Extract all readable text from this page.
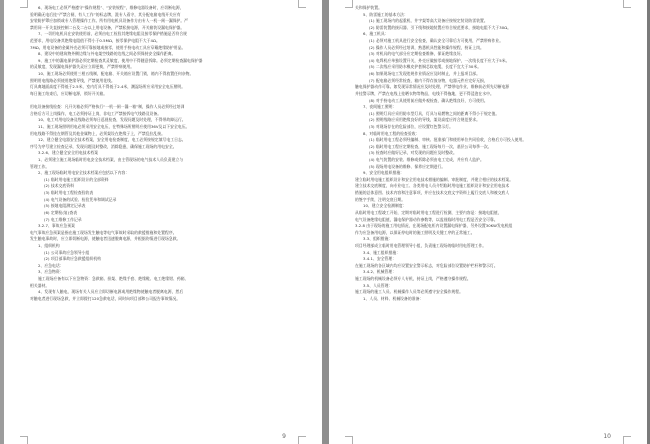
6、现场电工必须严格遵守“操作规程”、“安装规程”，维修电器设备时，应切断电源，
验明确无电后挂“严禁合闸，有人工作”的标志牌，派专人看守，其分配电箱电线开关应有
安装防护罩应加锁或专人管理操作工作。所有用电机具设备作方由专人一机一闸一漏保护。严
禁用同一开关直接控制二台及二台以上用电设备，严禁私接电源，开关箱装设漏电保护器。
7、一切用电机具在安装使用前，必须由电工检验其绝缘电阻及接零保护措施是否符合规
范要求，用电设备其绝缘电阻值不得小于0.5MΩ，接零保护电阻不大于4Ω。
7MΩ。用电设备的金属外壳必须可靠接地或接零，使用手持电动工具应穿戴绝缘防护用品。
8、建设中的建筑物外侧边缘与外电架空线路的边线之间必须保持安全操作距离。
9、施工中的漏电保护器必须定期检查其灵敏度，使用中不得随意拆除。必须定期检查漏电保护器
的灵敏度，发现漏电保护器失灵应立即更换，严禁带病使用。
10、施工现场必须使用三相五线制，配电箱、开关箱应设置门锁，箱内不得放置任何杂物。
照明用电线路必须使用绝缘导线，严禁使用花线。
灯具离地面高度不得低于2.5米，室内灯具不得低于2.4米，潮湿场所应采用安全电压照明。
每日施工结束后，应切断电源，锁好开关箱。
用电设备接线检查：凡开关箱必须严格执行“一机一闸一漏一箱”制，操作人员必须经过培训
合格后方可上岗操作，电工必须持证上岗，非电工严禁接拆电气线路及设备。
10、电工对用电设备及线路必须每日巡视检查，发现问题及时处理，不得带故障运行。
11、施工现场照明用电必须采用安全电压，在特殊场所照明应使用36V及以下安全电压。
用电线路不得挂在钢管及其他金属物上，必须架设在绝缘子上，严禁乱拉乱接。
12、建立健全电器安全技术档案，安全用电检查制度，电工必须按规定填写电工日志。
序号为序号建立检查记录，发现问题及时整改，消除隐患，确保施工现场的用电安全。
3.2.6、建立健全安全用电技术档案
1、必须建立施工现场临时用电安全技术档案，由主管现场的电气技术人员负责建立与
管理工作。
2、施工现场临时用电安全技术档案应包括以下内容：
(1) 临时用电施工组织设计的全部资料
(2) 技术交底资料
(3) 临时用电工程检查验收表
(4) 电气设备的试验、检验凭单和调试记录
(5) 接地电阻测定记录表
(6) 定期检(复)查表
(7) 电工维修工作记录
3.2.7、事故应急预案
电气事故应急预案是指在施工现场发生触电等电气事故时采取的救援措施和处置程序。
发生触电事故时，应立即切断电源，使触电者迅速脱离电源，并根据伤情进行现场急救。
1、组织机构
(1) 公司事故应急领导小组
(2) 项目部事故应急救援组织机构
2、应急电话：
3、应急物资：
施工现场应备有以下应急物资：急救箱、担架、绝缘手套、绝缘鞋、电工绝缘钳、药箱、
相关器材。
4、发现有人触电，现场有关人员应立即切断电源或用绝缘物使触电者脱离电源，然后
对触电者进行现场急救，并立即拨打120急救电话，同时向项目部和公司报告事故情况。
9
关和保护装置。
5、防雷施工的基本方法：
(1) 施工现场内的起重机、井字架等高大设备应按规定装设防雷装置。
(2) 防雷装置的接闪器、引下线和接地装置应符合规范要求，接地电阻不大于30Ω。
6、施工机具：
(1) 必须对施工机具进行安全检查，确认安全可靠后方可使用，严禁带病作业。
(2) 操作人员必须经过培训，熟悉机具性能和操作规程，持证上岗。
(3) 对机具的电气部分应定期检查维修，保证绝缘良好。
(4) 电焊机应单独设置开关，外壳应做接零或接地保护，一次线长度不应大于5米。
(5) 二次线应采用防水橡皮护套铜芯软电缆，长度不宜大于30米。
(6) 如果现场电工发现违规作业情况应及时制止，并上报项目部。
(7) 配电箱必须经常检查，箱内不得存放杂物，电器元件应完好无损，
触电保护器动作可靠。如发现异常情况应及时处理，严禁带电作业，维修前必须先切断电源
并挂警示牌，严禁在电线上挂晒衣物等物品，电线不得拖地，更不得浸泡在水中。
(8) 对手持电动工具使用前应做外观检查，确认绝缘良好，方可使用。
7、夜间施工照明：
(1) 照明灯具应采用防水型灯具，灯具与易燃物之间的距离不得小于规定值。
(2) 照明线路应采用绝缘良好的导线，架设高度应符合规范要求。
(3) 对现场存在的危险部位，应设置红色警示灯。
8、对临时用电工程的检查验收：
(1) 临时用电工程必须经编制、审核、批准部门和使用单位共同验收，合格后方可投入使用。
(2) 临时用电工程应定期检查，施工现场每月一次，基层公司每季一次。
(3) 检查时应做好记录，对发现的问题应及时整改。
(4) 电气装置的安装、维修或拆除必须由电工完成，并应有人监护。
(5) 现场用电设备的维修、保养应定期进行。
9、安全用电组织措施：
建立临时用电施工组织设计和安全用电技术措施的编制、审批制度，并建立相应的技术档案。
建立技术交底制度，向专业电工、各类用电人员介绍临时用电施工组织设计和安全用电技术
措施的总体意图、技术内容和注意事项，并应在技术交底文字资料上履行交底人和被交底人
的签字手续，注明交底日期。
10、建立安全检测制度：
从临时用电工程竣工开始，定期对临时用电工程进行检测，主要内容是：接地电阻值，
电气设备绝缘电阻值，漏电保护器动作参数等，以监视临时用电工程是否安全可靠。
3.2.8 由于现场的施工用电情况，在现场配电柜内设置漏电保护器，另外设置30KW发电机组
作为应急备用电源，以保证停电时的施工照明及关键工序的正常施工。
3.3、组织措施：
项目经理部成立临时用电管理领导小组，负责施工现场的临时用电管理工作。
3.4、施工组织措施：
3.4.1、安全管理：
在施工现场的各区域内均应设置安全警示标志，对危险部位设置防护栏杆和警示灯。
3.4.2、机械管理：
施工现场的机械设备必须专人专机，持证上岗，严格遵守操作规程。
3.5、人员管理：
施工现场的施工人员、机械操作人员等必须遵守安全操作规程。
1、人员、材料、机械设备的准备：
10
